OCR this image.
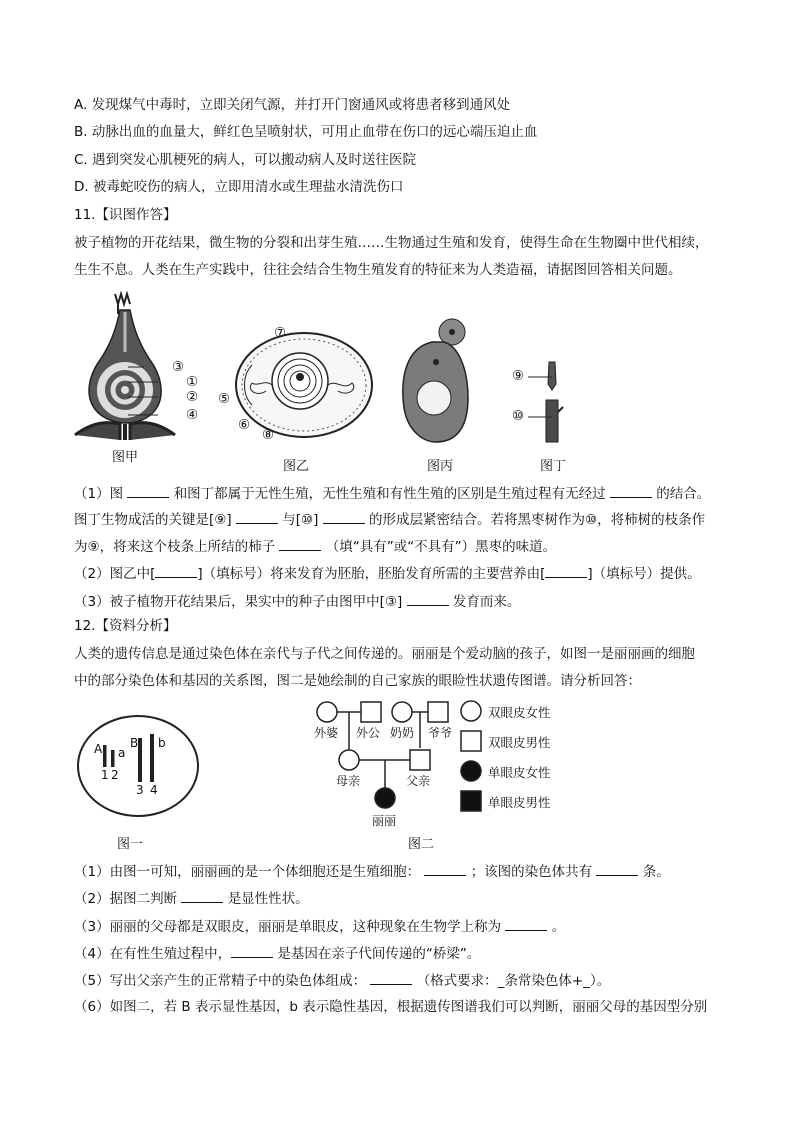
A. 发现煤气中毒时，立即关闭气源，并打开门窗通风或将患者移到通风处
B. 动脉出血的血量大，鲜红色呈喷射状，可用止血带在伤口的远心端压迫止血
C. 遇到突发心肌梗死的病人，可以搬动病人及时送往医院
D. 被毒蛇咬伤的病人，立即用清水或生理盐水清洗伤口
11.【识图作答】
被子植物的开花结果，微生物的分裂和出芽生殖……生物通过生殖和发育，使得生命在生物圈中世代相续，
生生不息。人类在生产实践中，往往会结合生物生殖发育的特征来为人类造福，请据图回答相关问题。
③
①
②
④
图甲
⑦
⑤
⑥
⑧
图乙	图丙
⑨
⑩
图丁
（1）图	和图丁都属于无性生殖，无性生殖和有性生殖的区别是生殖过程有无经过	的结合。
图丁生物成活的关键是[⑨]	与[⑩]	的形成层紧密结合。若将黑枣树作为⑩，将柿树的枝条作
为⑨，将来这个枝条上所结的柿子	（填“具有”或“不具有”）黑枣的味道。
（2）图乙中[	]（填标号）将来发育为胚胎，胚胎发育所需的主要营养由[	]（填标号）提供。
（3）被子植物开花结果后，果实中的种子由图甲中[③]	发育而来。
12.【资料分析】
人类的遗传信息是通过染色体在亲代与子代之间传递的。丽丽是个爱动脑的孩子，如图一是丽丽画的细胞
中的部分染色体和基因的关系图，图二是她绘制的自己家族的眼睑性状遗传图谱。请分析回答：
A a
B b
1 2
3 4
图一
外婆 外公 奶奶 爷爷
母亲	父亲
丽丽
图二
双眼皮女性
双眼皮男性
单眼皮女性
单眼皮男性
（1）由图一可知，丽丽画的是一个体细胞还是生殖细胞：	；该图的染色体共有	条。
（2）据图二判断	是显性性状。
（3）丽丽的父母都是双眼皮，丽丽是单眼皮，这种现象在生物学上称为	。
（4）在有性生殖过程中，	是基因在亲子代间传递的“桥梁”。
（5）写出父亲产生的正常精子中的染色体组成：	（格式要求：_条常染色体+_）。
（6）如图二，若 B 表示显性基因，b 表示隐性基因，根据遗传图谱我们可以判断，丽丽父母的基因型分别
